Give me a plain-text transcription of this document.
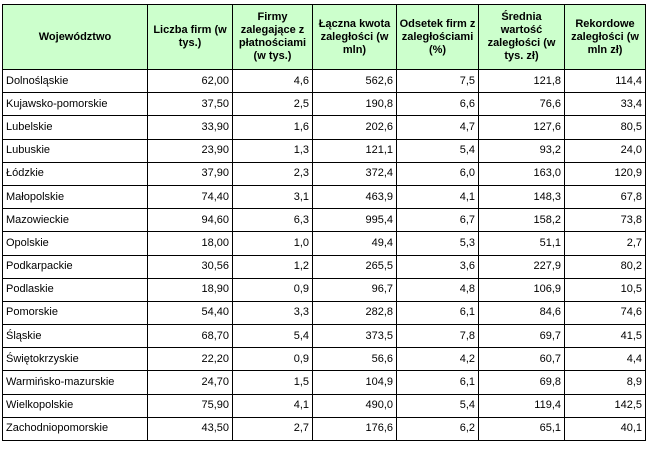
Województwo	Liczba firm (w tys.)	Firmy zalegające z płatnościami (w tys.)	Łączna kwota zaległości (w mln)	Odsetek firm z zaległościami (%)	Średnia wartość zaległości (w tys. zł)	Rekordowe zaległości (w mln zł)
Dolnośląskie	62,00	4,6	562,6	7,5	121,8	114,4
Kujawsko-pomorskie	37,50	2,5	190,8	6,6	76,6	33,4
Lubelskie	33,90	1,6	202,6	4,7	127,6	80,5
Lubuskie	23,90	1,3	121,1	5,4	93,2	24,0
Łódzkie	37,90	2,3	372,4	6,0	163,0	120,9
Małopolskie	74,40	3,1	463,9	4,1	148,3	67,8
Mazowieckie	94,60	6,3	995,4	6,7	158,2	73,8
Opolskie	18,00	1,0	49,4	5,3	51,1	2,7
Podkarpackie	30,56	1,2	265,5	3,6	227,9	80,2
Podlaskie	18,90	0,9	96,7	4,8	106,9	10,5
Pomorskie	54,40	3,3	282,8	6,1	84,6	74,6
Śląskie	68,70	5,4	373,5	7,8	69,7	41,5
Świętokrzyskie	22,20	0,9	56,6	4,2	60,7	4,4
Warmińsko-mazurskie	24,70	1,5	104,9	6,1	69,8	8,9
Wielkopolskie	75,90	4,1	490,0	5,4	119,4	142,5
Zachodniopomorskie	43,50	2,7	176,6	6,2	65,1	40,1
